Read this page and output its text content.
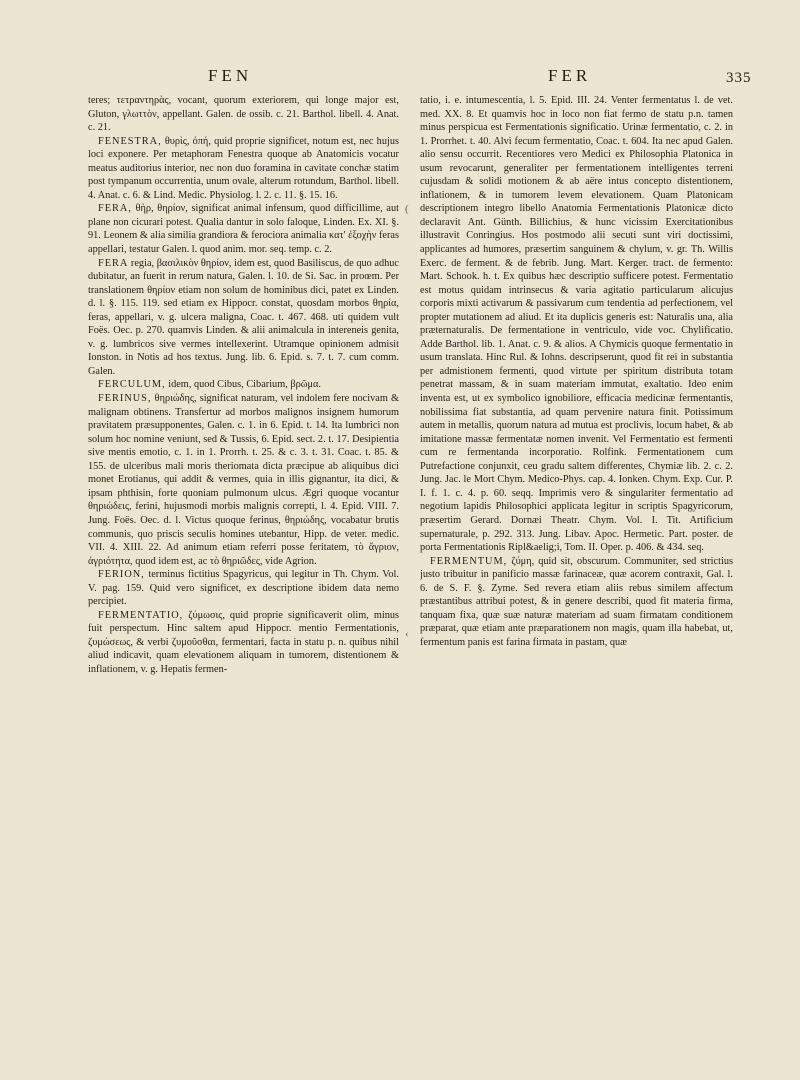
FEN	FER	335

teres; τετραντηρὰς, vocant, quorum exteriorem, qui longe major est, Gluton, γλωττὸν, appellant. Galen. de ossib. c. 21. Barthol. libell. 4. Anat. c. 21.

FENESTRA, θυρὶς, ὀπή, quid proprie significet, notum est, nec hujus loci exponere. Per metaphoram Fenestra quoque ab Anatomicis vocatur meatus auditorius interior, nec non duo foramina in cavitate conchæ statim post tympanum occurrentia, unum ovale, alterum rotundum, Barthol. libell. 4. Anat. c. 6. & Lind. Medic. Physiolog. l. 2. c. 11. §. 15. 16.

FERA, θὴρ, θηρίον, significat animal infensum, quod difficillime, aut plane non cicurari potest. Qualia dantur in solo faloque, Linden. Ex. XI. §. 91. Leonem & alia similia grandiora & ferociora animalia κατ' ἐξοχὴν feras appellari, testatur Galen. l. quod anim. mor. seq. temp. c. 2.

FERA regia, βασιλικὸν θηρίον, idem est, quod Basiliscus, de quo adhuc dubitatur, an fuerit in rerum natura, Galen. l. 10. de Si. Sac. in proœm. Per translationem θηρίον etiam non solum de hominibus dici, patet ex Linden. d. l. §. 115. 119. sed etiam ex Hippocr. constat, quosdam morbos θηρία, feras, appellari, v. g. ulcera maligna, Coac. t. 467. 468. uti quidem vult Foës. Oec. p. 270. quamvis Linden. & alii animalcula in intereneis genita, v. g. lumbricos sive vermes intellexerint. Utramque opinionem admisit Ionston. in Notis ad hos textus. Jung. lib. 6. Epid. s. 7. t. 7. cum comm. Galen.

FERCULUM, idem, quod Cibus, Cibarium, βρῶμα.

FERINUS, θηριώδης, significat naturam, vel indolem fere nocivam & malignam obtinens. Transfertur ad morbos malignos insignem humorum pravitatem præsupponentes, Galen. c. 1. in 6. Epid. t. 14. Ita lumbrici non solum hoc nomine veniunt, sed & Tussis, 6. Epid. sect. 2. t. 17. Desipientia sive mentis emotio, c. 1. in 1. Prorrh. t. 25. & c. 3. t. 31. Coac. t. 85. & 155. de ulceribus mali moris theriomata dicta præcipue ab aliquibus dici monet Erotianus, qui addit & vermes, quia in illis gignantur, ita dici, & ipsam phthisin, forte quoniam pulmonum ulcus. Ægri quoque vocantur θηριώδεις, ferini, hujusmodi morbis malignis correpti, l. 4. Epid. VIII. 7. Jung. Foës. Oec. d. l. Victus quoque ferinus, θηριώδης, vocabatur brutis communis, quo priscis seculis homines utebantur, Hipp. de veter. medic. VII. 4. XIII. 22. Ad animum etiam referri posse feritatem, τὸ ἄγριον, ἀγριότητα, quod idem est, ac τὸ θηριῶδες, vide Agrion.

FERION, terminus fictitius Spagyricus, qui legitur in Th. Chym. Vol. V. pag. 159. Quid vero significet, ex descriptione ibidem data nemo percipiet.

FERMENTATIO, ζύμωσις, quid proprie significaverit olim, minus fuit perspectum. Hinc saltem apud Hippocr. mentio Fermentationis, ζυμώσεως, & verbi ζυμοῦσθαι, fermentari, facta in statu p. n. quibus nihil aliud indicavit, quam elevationem aliquam in tumorem, distentionem & inflationem, v. g. Hepatis fermen-

(
‹

tatio, i. e. intumescentia, l. 5. Epid. III. 24. Venter fermentatus l. de vet. med. XX. 8. Et quamvis hoc in loco non fiat fermo de statu p.n. tamen minus perspicua est Fermentationis significatio. Urinæ fermentatio, c. 2. in 1. Prorrhet. t. 40. Alvi fecum fermentatio, Coac. t. 604. Ita nec apud Galen. alio sensu occurrit. Recentiores vero Medici ex Philosophia Platonica in usum revocarunt, generaliter per fermentationem intelligentes terreni cujusdam & solidi motionem & ab aëre intus concepto distentionem, inflationem, & in tumorem levem elevationem. Quam Platonicam descriptionem integro libello Anatomia Fermentationis Platonicæ dicto declaravit Ant. Günth. Billichius, & hunc vicissim Exercitationibus illustravit Conringius. Hos postmodo alii secuti sunt viri doctissimi, applicantes ad humores, præsertim sanguinem & chylum, v. gr. Th. Willis Exerc. de ferment. & de febrib. Jung. Mart. Kerger. tract. de fermento: Mart. Schook. h. t. Ex quibus hæc descriptio sufficere potest. Fermentatio est motus quidam intrinsecus & varia agitatio particularum alicujus corporis mixti activarum & passivarum cum tendentia ad perfectionem, vel propter mutationem ad aliud. Et ita duplicis generis est: Naturalis una, alia præternaturalis. De fermentatione in ventriculo, vide voc. Chylificatio. Adde Barthol. lib. 1. Anat. c. 9. & alios. A Chymicis quoque fermentatio in usum translata. Hinc Rul. & Iohns. descripserunt, quod fit rei in substantia per admistionem fermenti, quod virtute per spiritum distributa totam penetrat massam, & in suam materiam immutat, exaltatio. Ideo enim inventa est, ut ex symbolico ignobiliore, efficacia medicinæ fermentantis, nobilissima fiat substantia, ad quam pervenire natura finit. Potissimum autem in metallis, quorum natura ad mutua est proclivis, locum habet, & ab imitatione massæ fermentatæ nomen invenit. Vel Fermentatio est fermenti cum re fermentanda incorporatio. Rolfink. Fermentationem cum Putrefactione conjunxit, ceu gradu saltem differentes, Chymiæ lib. 2. c. 2. Jung. Jac. le Mort Chym. Medico-Phys. cap. 4. Ionken. Chym. Exp. Cur. P. I. f. 1. c. 4. p. 60. seqq. Imprimis vero & singulariter fermentatio ad negotium lapidis Philosophici applicata legitur in scriptis Spagyricorum, præsertim Gerard. Dornæi Theatr. Chym. Vol. I. Tit. Artificium supernaturale, p. 292. 313. Jung. Libav. Apoc. Hermetic. Part. poster. de porta Fermentationis Ripl&aelig;i, Tom. II. Oper. p. 406. & 434. seq.

FERMENTUM, ζύμη, quid sit, obscurum. Communiter, sed strictius justo tribuitur in panificio massæ farinaceæ, quæ acorem contraxit, Gal. l. 6. de S. F. §. Zyme. Sed revera etiam aliis rebus similem affectum præstantibus attribui potest, & in genere describi, quod fit materia firma, tanquam fixa, quæ suæ naturæ materiam ad suam firmatam conditionem præparat, quæ etiam ante præparationem non magis, quam illa habebat, ut, fermentum panis est farina firmata in pastam, quæ
